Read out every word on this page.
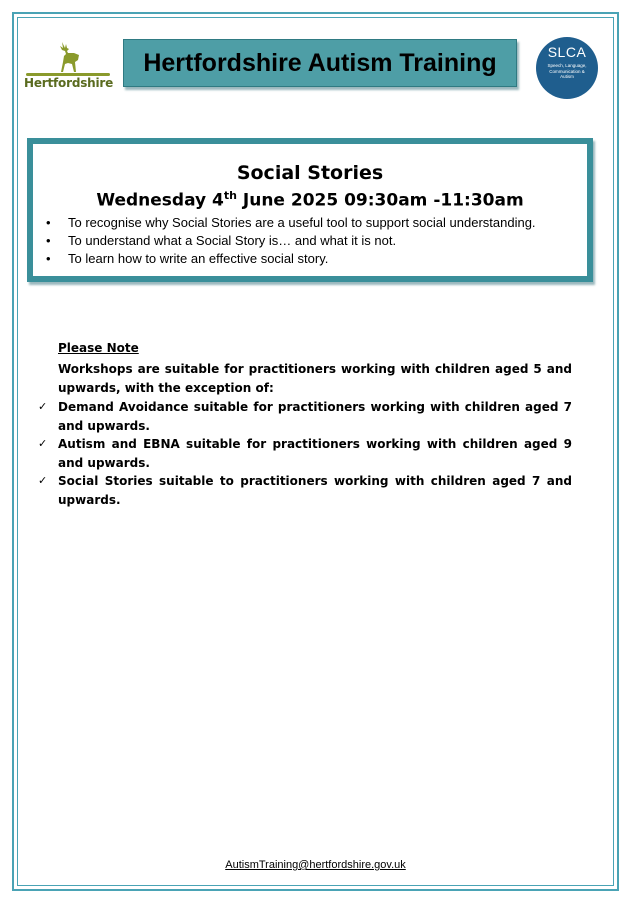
Hertfordshire
Hertfordshire Autism Training	SLCA
Speech, Language, Communication & Autism
Social Stories
Wednesday 4th June 2025 09:30am -11:30am
• To recognise why Social Stories are a useful tool to support social understanding.
• To understand what a Social Story is… and what it is not.
• To learn how to write an effective social story.
Please Note
Workshops are suitable for practitioners working with children aged 5 and upwards, with the exception of:
✓ Demand Avoidance suitable for practitioners working with children aged 7 and upwards.
✓ Autism and EBNA suitable for practitioners working with children aged 9 and upwards.
✓ Social Stories suitable to practitioners working with children aged 7 and upwards.
AutismTraining@hertfordshire.gov.uk
